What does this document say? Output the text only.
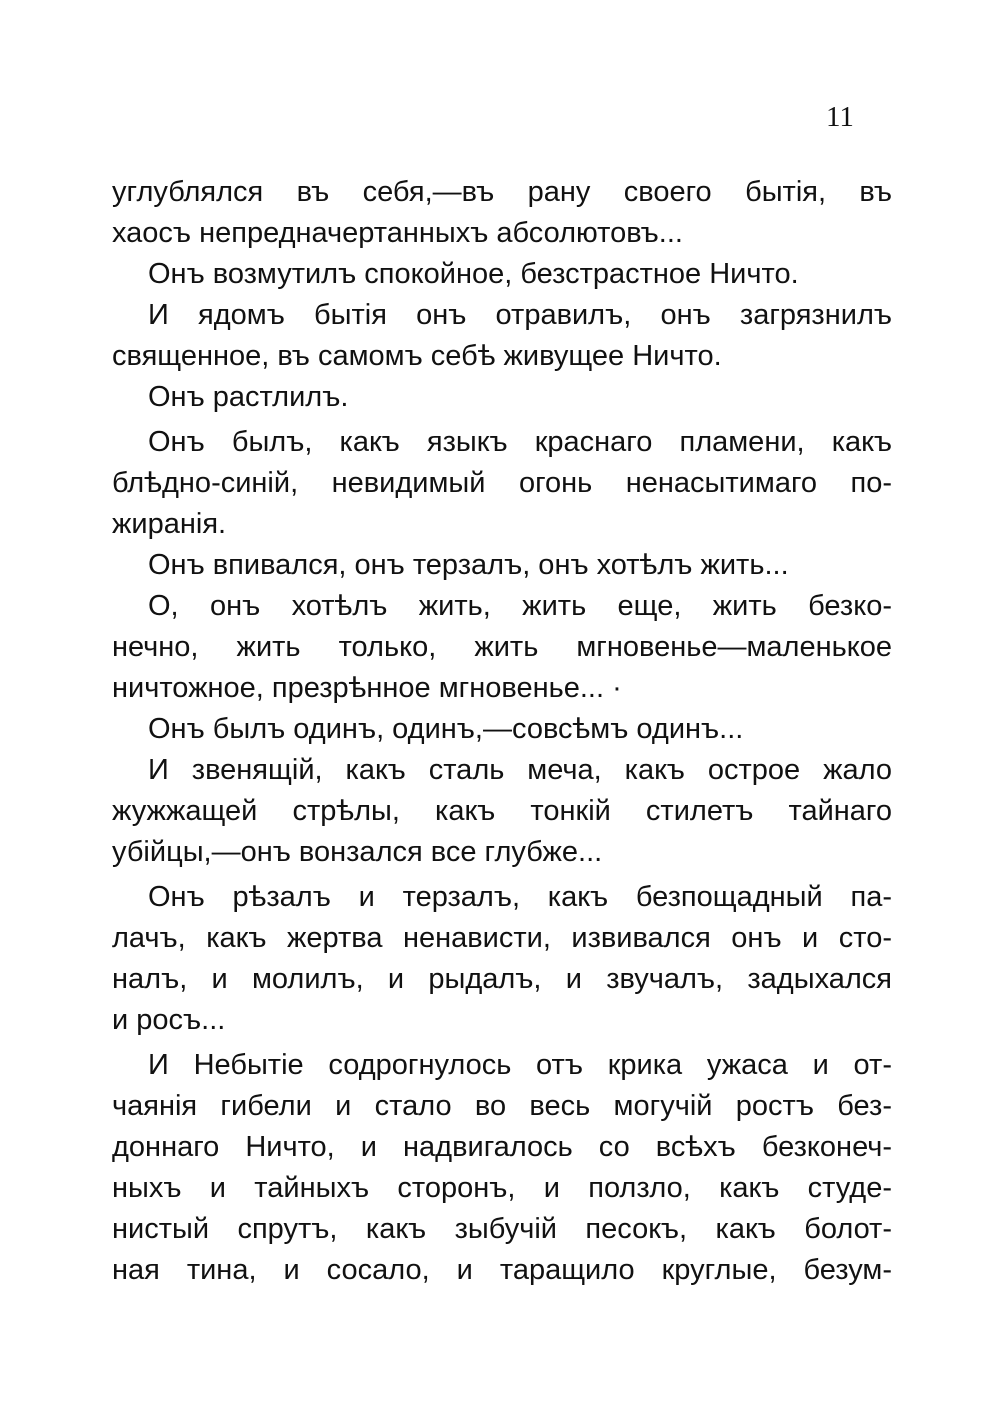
11
углублялся въ себя,—въ рану своего бытія, въ
хаосъ непредначертанныхъ абсолютовъ...
Онъ возмутилъ спокойное, безстрастное Ничто.
И ядомъ бытія онъ отравилъ, онъ загрязнилъ
священное, въ самомъ себѣ живущее Ничто.
Онъ растлилъ.
Онъ былъ, какъ языкъ краснаго пламени, какъ
блѣдно-синій, невидимый огонь ненасытимаго по-
жиранія.
Онъ впивался, онъ терзалъ, онъ хотѣлъ жить...
О, онъ хотѣлъ жить, жить еще, жить безко-
нечно, жить только, жить мгновенье—маленькое
ничтожное, презрѣнное мгновенье... ·
Онъ былъ одинъ, одинъ,—совсѣмъ одинъ...
И звенящій, какъ сталь меча, какъ острое жало
жужжащей стрѣлы, какъ тонкій стилетъ тайнаго
убійцы,—онъ вонзался все глубже...
Онъ рѣзалъ и терзалъ, какъ безпощадный па-
лачъ, какъ жертва ненависти, извивался онъ и сто-
налъ, и молилъ, и рыдалъ, и звучалъ, задыхался
и росъ...
И Небытіе содрогнулось отъ крика ужаса и от-
чаянія гибели и стало во весь могучій ростъ без-
доннаго Ничто, и надвигалось со всѣхъ безконеч-
ныхъ и тайныхъ сторонъ, и ползло, какъ студе-
нистый спрутъ, какъ зыбучій песокъ, какъ болот-
ная тина, и сосало, и таращило круглые, безум-
